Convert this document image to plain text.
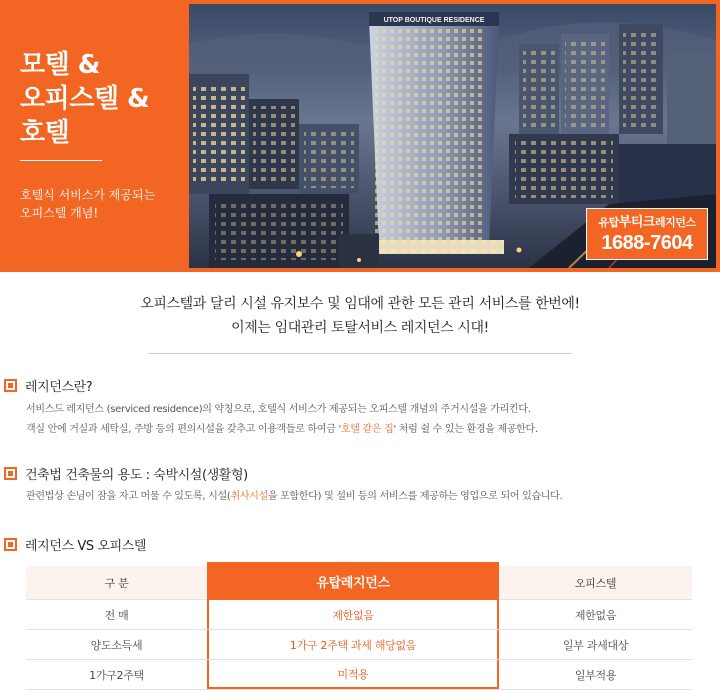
모텔 &
오피스텔 &
호텔
호텔식 서비스가 제공되는
오피스텔 개념!
UTOP BOUTIQUE RESIDENCE
유탑부티크레지던스
1688-7604
오피스텔과 달리 시설 유지보수 및 임대에 관한 모든 관리 서비스를 한번에!
이제는 임대관리 토탈서비스 레지던스 시대!
레지던스란?
서비스드 레지던스 (serviced residence)의 약칭으로, 호텔식 서비스가 제공되는 오피스텔 개념의 주거시설을 가리킨다.
객실 안에 거실과 세탁실, 주방 등의 편의시설을 갖추고 이용객들로 하여금 '호텔 같은 집' 처럼 쉴 수 있는 환경을 제공한다.
건축법 건축물의 용도 : 숙박시설(생활형)
관련법상 손님이 잠을 자고 머물 수 있도록, 시설(취사시설을 포함한다) 및 설비 등의 서비스를 제공하는 영업으로 되어 있습니다.
레지던스 VS 오피스텔
구 분	유탑레지던스	오피스텔
전 매	제한없음	제한없음
양도소득세	1가구 2주택 과세 해당없음	일부 과세대상
1가구2주택	미적용	일부적용
